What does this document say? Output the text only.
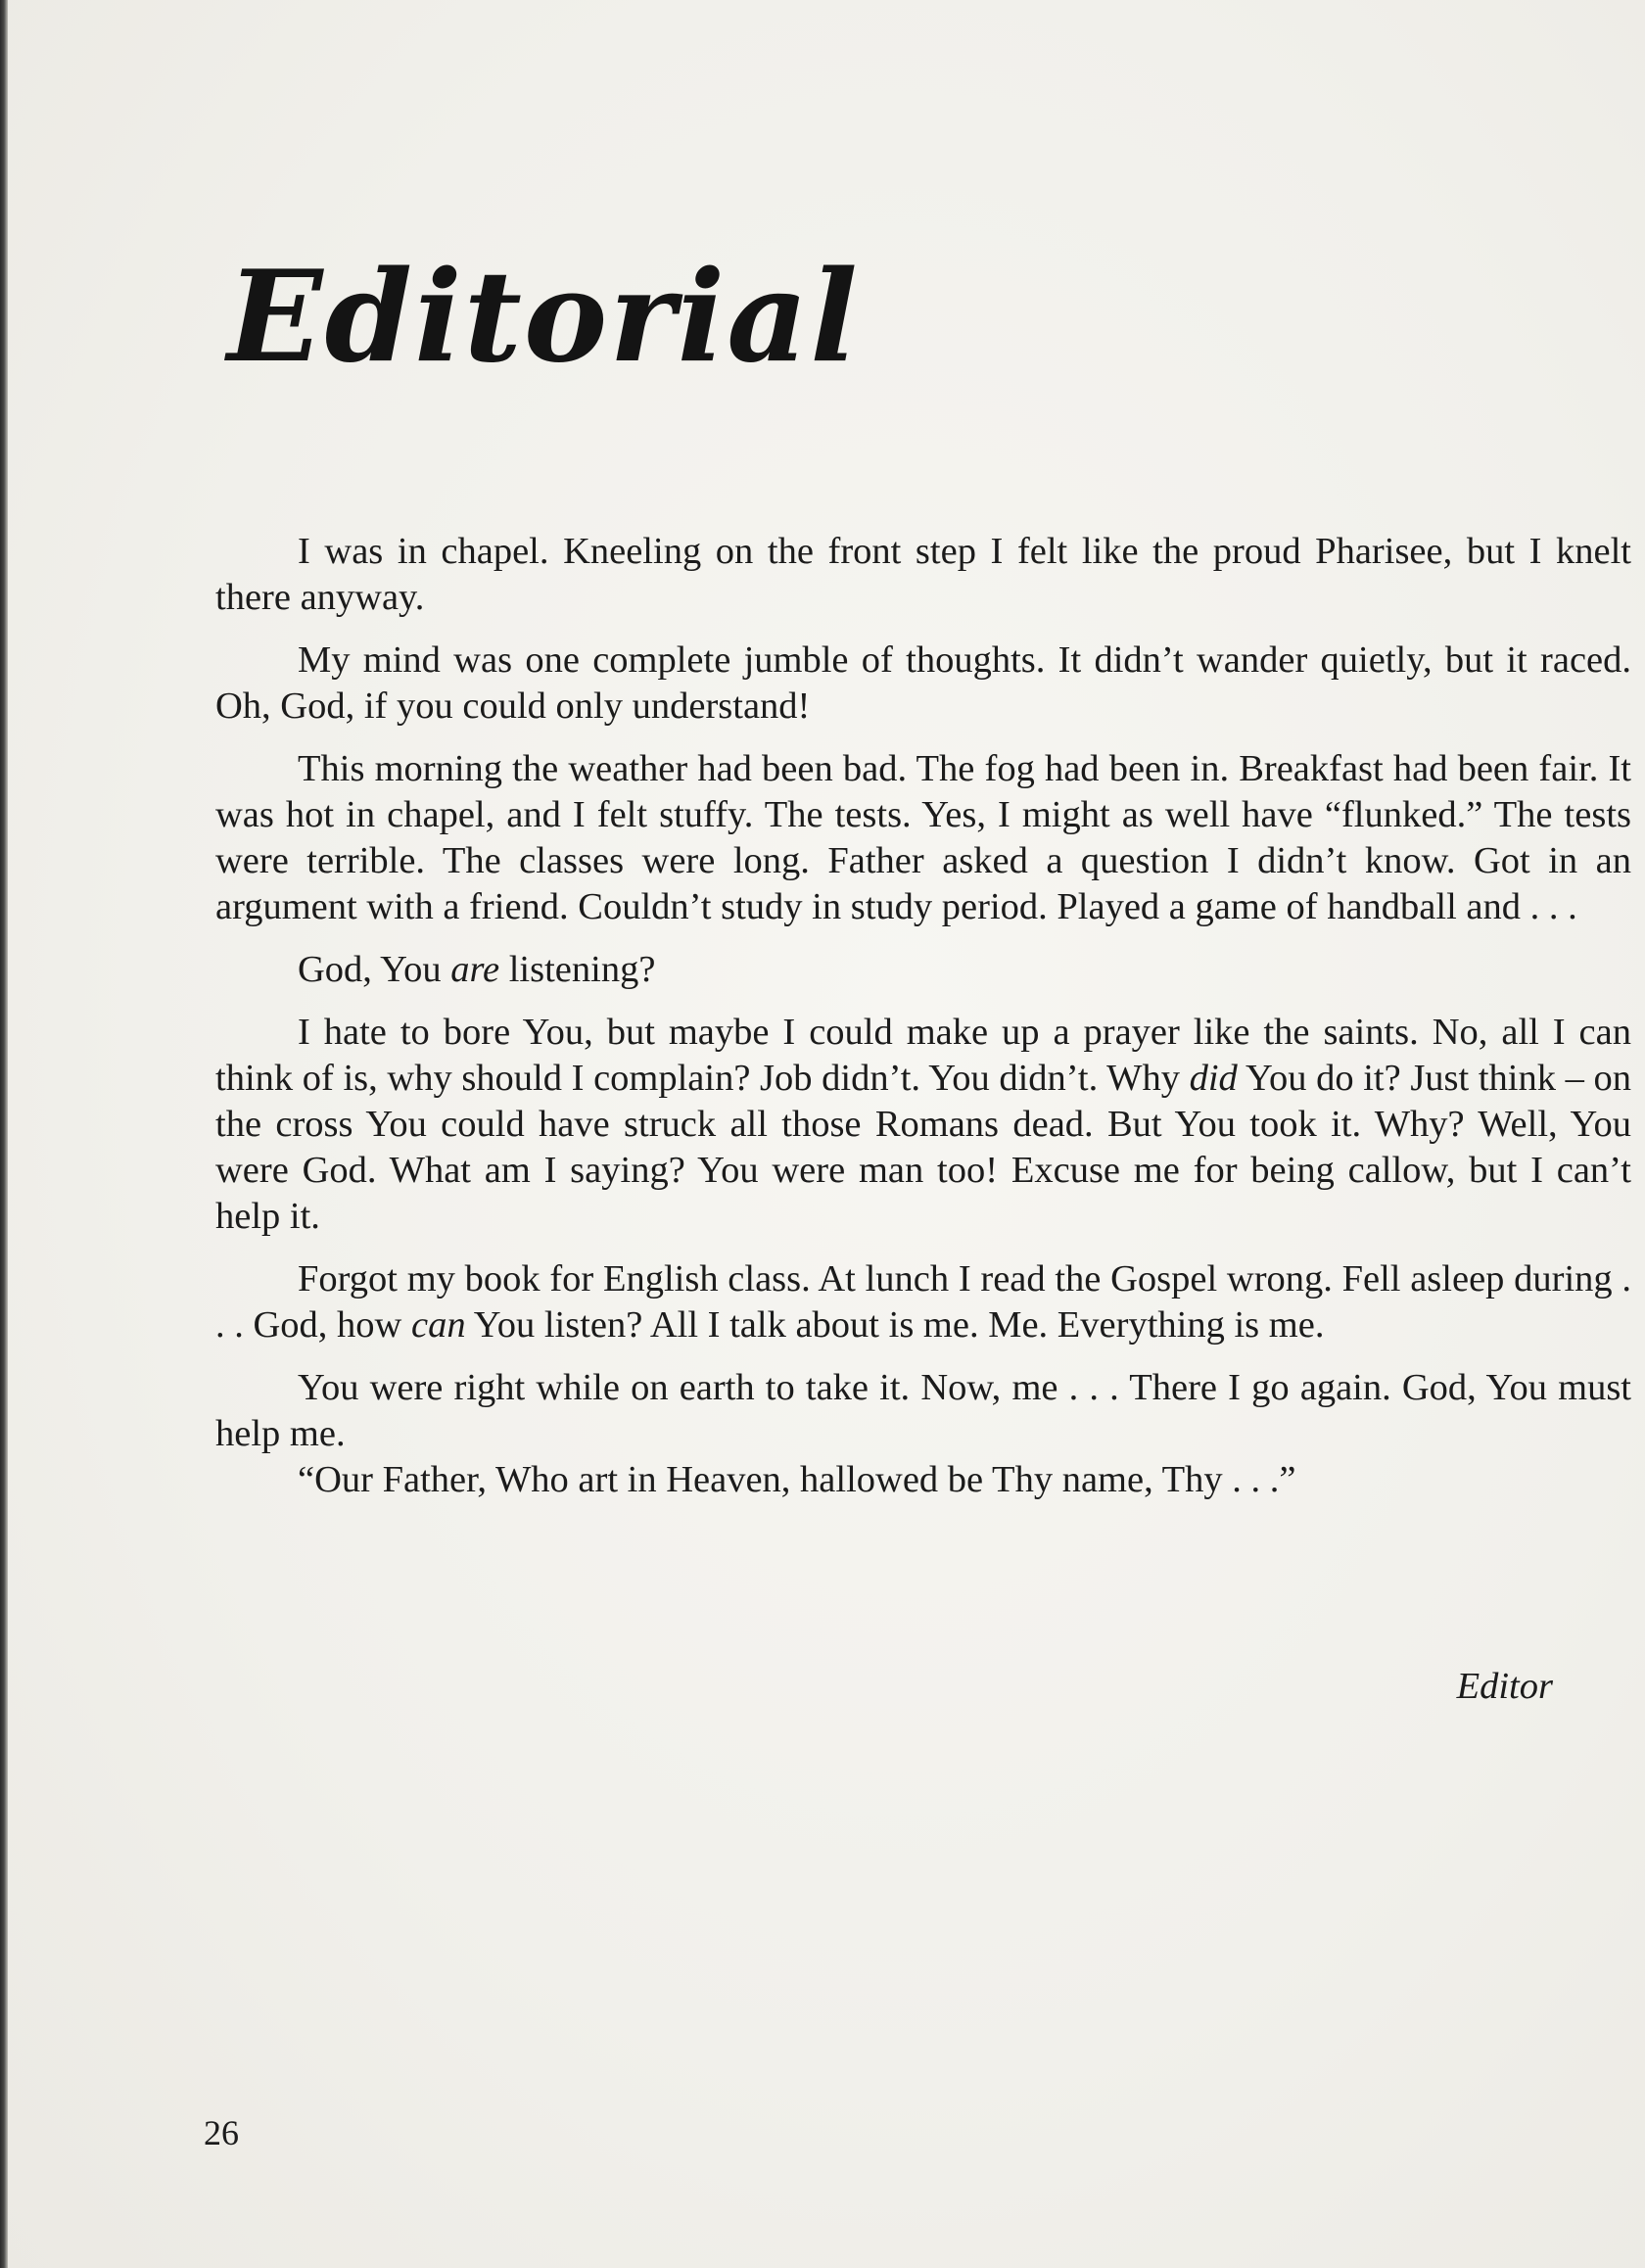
Editorial

I was in chapel. Kneeling on the front step I felt like the proud Pharisee, but I knelt there anyway.

My mind was one complete jumble of thoughts. It didn’t wander quietly, but it raced. Oh, God, if you could only understand!

This morning the weather had been bad. The fog had been in. Breakfast had been fair. It was hot in chapel, and I felt stuffy. The tests. Yes, I might as well have “flunked.” The tests were terrible. The classes were long. Father asked a question I didn’t know. Got in an argument with a friend. Couldn’t study in study period. Played a game of handball and . . .

God, You are listening?

I hate to bore You, but maybe I could make up a prayer like the saints. No, all I can think of is, why should I complain? Job didn’t. You didn’t. Why did You do it? Just think – on the cross You could have struck all those Romans dead. But You took it. Why? Well, You were God. What am I saying? You were man too! Excuse me for being callow, but I can’t help it.

Forgot my book for English class. At lunch I read the Gospel wrong. Fell asleep during . . . God, how can You listen? All I talk about is me. Me. Everything is me.

You were right while on earth to take it. Now, me . . . There I go again. God, You must help me.

“Our Father, Who art in Heaven, hallowed be Thy name, Thy . . .”

Editor
26
